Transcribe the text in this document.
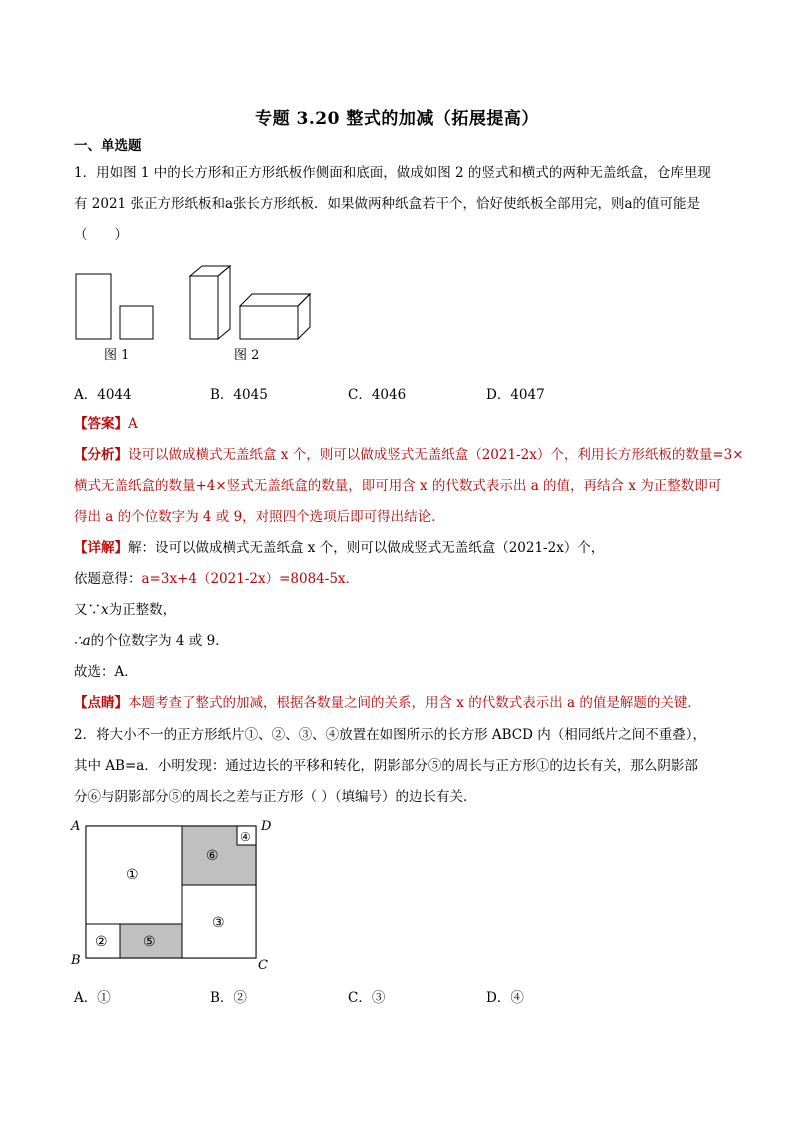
专题 3.20 整式的加减（拓展提高）
一、单选题
1．用如图 1 中的长方形和正方形纸板作侧面和底面，做成如图 2 的竖式和横式的两种无盖纸盒，仓库里现
有 2021 张正方形纸板和a张长方形纸板．如果做两种纸盒若干个，恰好使纸板全部用完，则a的值可能是
（　　）
图 1	图 2
A．4044	B．4045	C．4046	D．4047
【答案】A
【分析】设可以做成横式无盖纸盒 x 个，则可以做成竖式无盖纸盒（2021-2x）个，利用长方形纸板的数量=3×
横式无盖纸盒的数量+4×竖式无盖纸盒的数量，即可用含 x 的代数式表示出 a 的值，再结合 x 为正整数即可
得出 a 的个位数字为 4 或 9，对照四个选项后即可得出结论．
【详解】解：设可以做成横式无盖纸盒 x 个，则可以做成竖式无盖纸盒（2021-2x）个，
依题意得：a=3x+4（2021-2x）=8084-5x．
又∵x为正整数，
∴a的个位数字为 4 或 9．
故选：A．
【点睛】本题考查了整式的加减，根据各数量之间的关系，用含 x 的代数式表示出 a 的值是解题的关键．
2．将大小不一的正方形纸片①、②、③、④放置在如图所示的长方形 ABCD 内（相同纸片之间不重叠），
其中 AB=a．小明发现：通过边长的平移和转化，阴影部分⑤的周长与正方形①的边长有关，那么阴影部
分⑥与阴影部分⑤的周长之差与正方形（ ）（填编号）的边长有关．
A
B	C
D
①
②
③
④
⑤
⑥
A．①	B．②	C．③	D．④
